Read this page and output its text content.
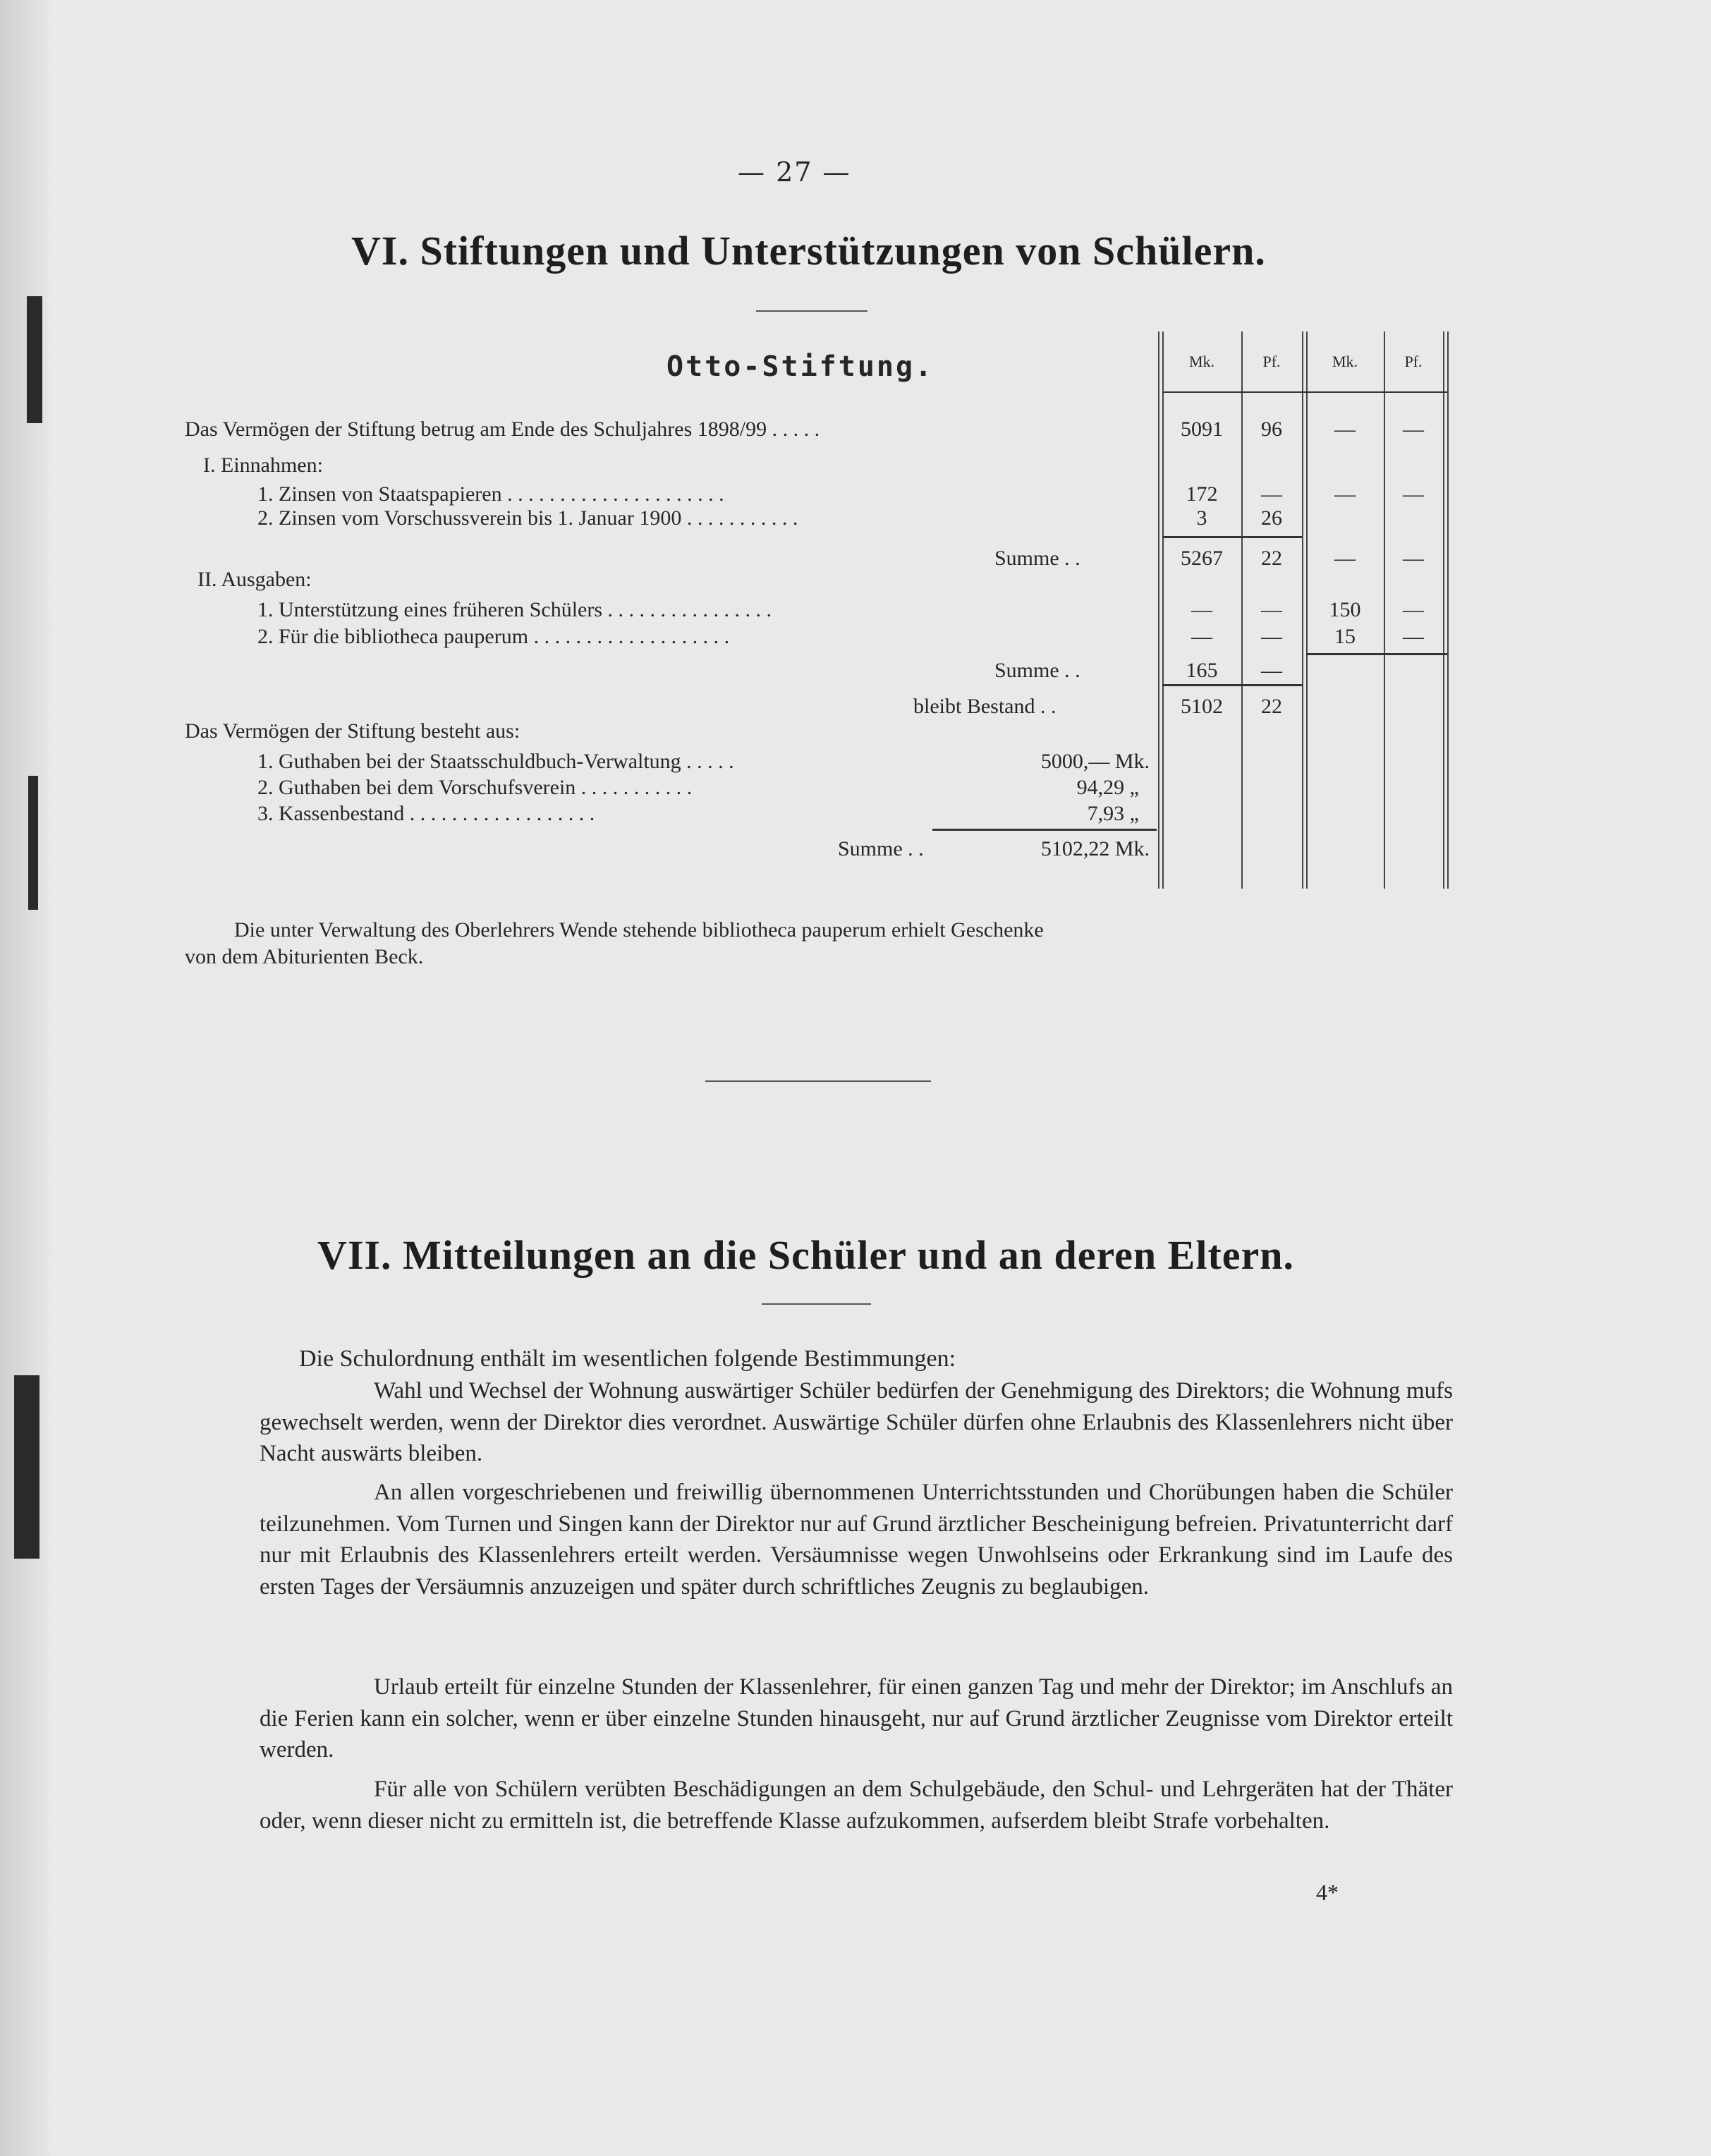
— 27 —
VI. Stiftungen und Unterstützungen von Schülern.
Otto-Stiftung.	Mk.	Pf.	Mk.	Pf.
Das Vermögen der Stiftung betrug am Ende des Schuljahres 1898/99 . . . . .	5091	96	—	—
I. Einnahmen:
1. Zinsen von Staatspapieren . . . . . . . . . . . . . . . . . . . . .	172	—	—	—
2. Zinsen vom Vorschussverein bis 1. Januar 1900 . . . . . . . . . . .	3	26
Summe . .	5267	22	—	—
II. Ausgaben:
1. Unterstützung eines früheren Schülers . . . . . . . . . . . . . . . .	—	—	150	—
2. Für die bibliotheca pauperum . . . . . . . . . . . . . . . . . . .	—	—	15	—
Summe . .	165	—
bleibt Bestand . .	5102	22
Das Vermögen der Stiftung besteht aus:
1. Guthaben bei der Staatsschuldbuch-Verwaltung . . . . .	5000,— Mk.
2. Guthaben bei dem Vorschufsverein . . . . . . . . . . .	94,29 „
3. Kassenbestand . . . . . . . . . . . . . . . . . .	7,93 „
Summe . .	5102,22 Mk.
Die unter Verwaltung des Oberlehrers Wende stehende bibliotheca pauperum erhielt Geschenke
von dem Abiturienten Beck.
VII. Mitteilungen an die Schüler und an deren Eltern.
Die Schulordnung enthält im wesentlichen folgende Bestimmungen:
Wahl und Wechsel der Wohnung auswärtiger Schüler bedürfen der Genehmigung des Direktors; die Wohnung mufs gewechselt werden, wenn der Direktor dies verordnet. Auswärtige Schüler dürfen ohne Erlaubnis des Klassenlehrers nicht über Nacht auswärts bleiben.
An allen vorgeschriebenen und freiwillig übernommenen Unterrichtsstunden und Chorübungen haben die Schüler teilzunehmen. Vom Turnen und Singen kann der Direktor nur auf Grund ärztlicher Bescheinigung befreien. Privatunterricht darf nur mit Erlaubnis des Klassenlehrers erteilt werden. Versäumnisse wegen Unwohlseins oder Erkrankung sind im Laufe des ersten Tages der Versäumnis anzuzeigen und später durch schriftliches Zeugnis zu beglaubigen.
Urlaub erteilt für einzelne Stunden der Klassenlehrer, für einen ganzen Tag und mehr der Direktor; im Anschlufs an die Ferien kann ein solcher, wenn er über einzelne Stunden hinausgeht, nur auf Grund ärztlicher Zeugnisse vom Direktor erteilt werden.
Für alle von Schülern verübten Beschädigungen an dem Schulgebäude, den Schul- und Lehrgeräten hat der Thäter oder, wenn dieser nicht zu ermitteln ist, die betreffende Klasse aufzukommen, aufserdem bleibt Strafe vorbehalten.
4*
